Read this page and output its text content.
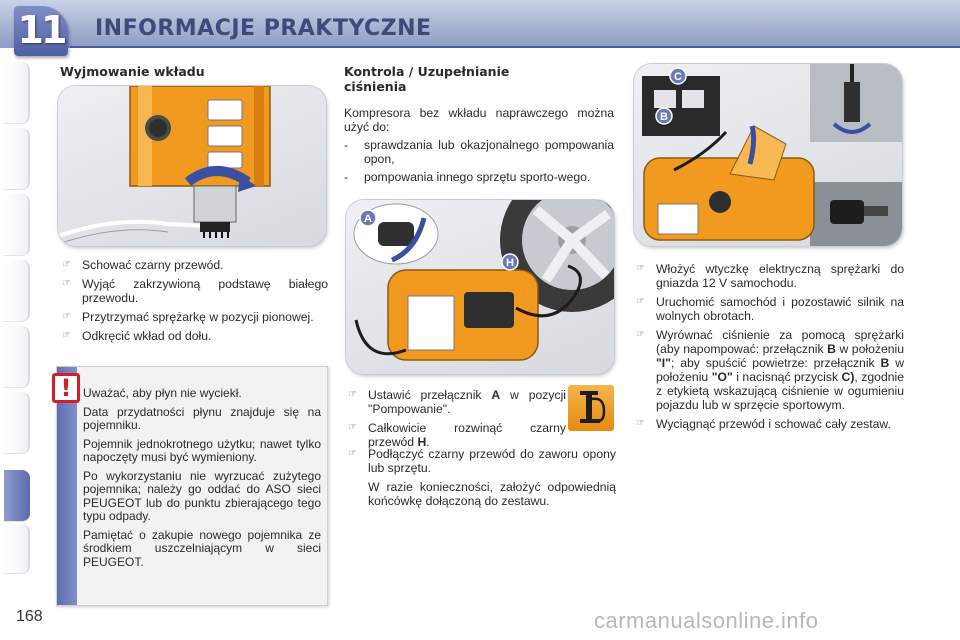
11 INFORMACJE PRAKTYCZNE
Wyjmowanie wkładu
☞ Schować czarny przewód.
☞ Wyjąć zakrzywioną podstawę białego przewodu.
☞ Przytrzymać sprężarkę w pozycji pionowej.
☞ Odkręcić wkład od dołu.

Uważać, aby płyn nie wyciekł.

Data przydatności płynu znajduje się na pojemniku.

Pojemnik jednokrotnego użytku; nawet tylko napoczęty musi być wymieniony.

Po wykorzystaniu nie wyrzucać zużytego pojemnika; należy go oddać do ASO sieci PEUGEOT lub do punktu zbierającego tego typu odpady.

Pamiętać o zakupie nowego pojemnika ze środkiem uszczelniającym w sieci PEUGEOT.

!
Kontrola / Uzupełnianie
ciśnienia

Kompresora bez wkładu naprawczego można użyć do:

- sprawdzania lub okazjonalnego pompowania opon,
- pompowania innego sprzętu sporto-wego.
A
H
☞ Ustawić przełącznik A w pozycji "Pompowanie".
☞ Całkowicie rozwinąć czarny przewód H.
☞ Podłączyć czarny przewód do zaworu opony lub sprzętu.

W razie konieczności, założyć odpowiednią końcówkę dołączoną do zestawu.

C
B
☞ Włożyć wtyczkę elektryczną sprężarki do gniazda 12 V samochodu.
☞ Uruchomić samochód i pozostawić silnik na wolnych obrotach.
☞ Wyrównać ciśnienie za pomocą sprężarki (aby napompować: przełącznik B w położeniu "I"; aby spuścić powietrze: przełącznik B w położeniu "O" i nacisnąć przycisk C), zgodnie z etykietą wskazującą ciśnienie w ogumieniu pojazdu lub w sprzęcie sportowym.
☞ Wyciągnąć przewód i schować cały zestaw.
168	carmanualsonline.info
